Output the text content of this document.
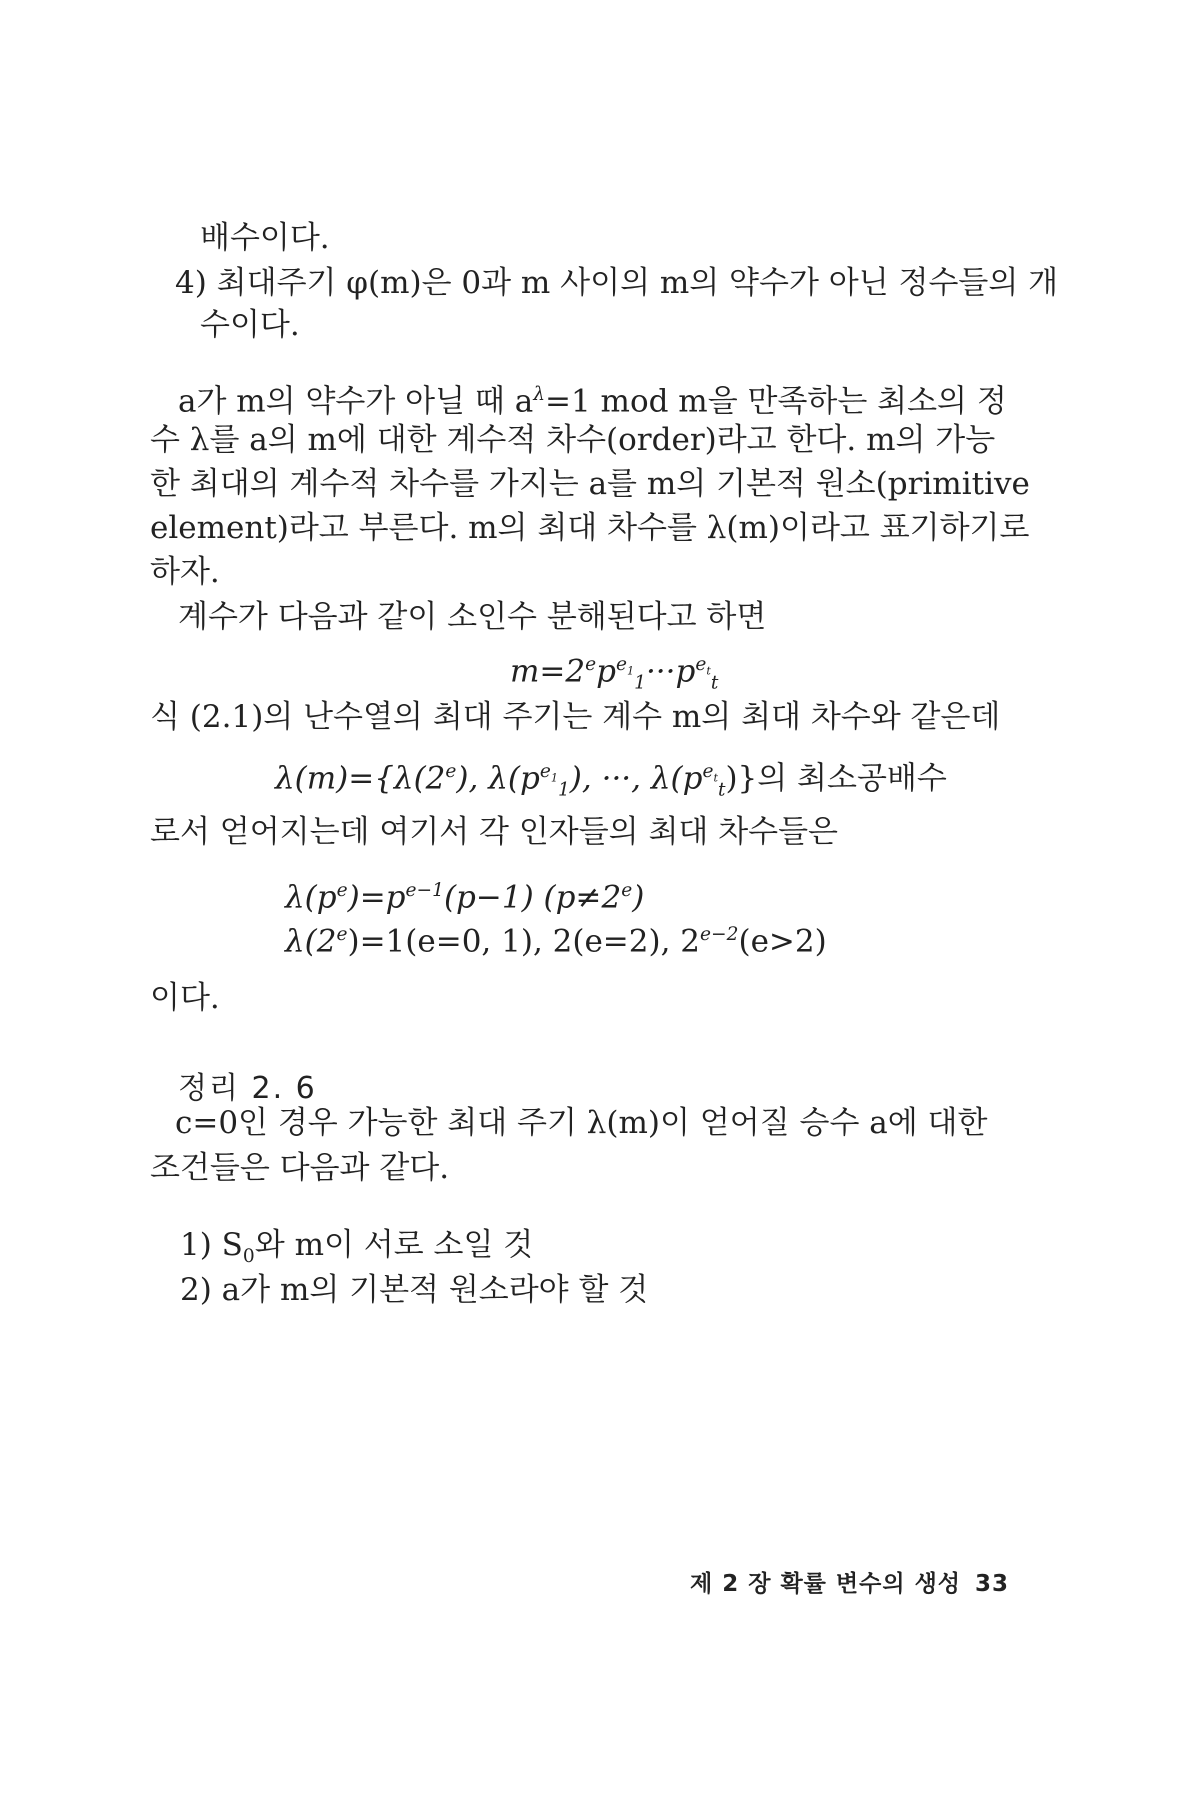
배수이다.
4) 최대주기 φ(m)은 0과 m 사이의 m의 약수가 아닌 정수들의 개
수이다.
a가 m의 약수가 아닐 때 $a^\lambda=1$ mod m을 만족하는 최소의 정
수 λ를 a의 m에 대한 계수적 차수(order)라고 한다. m의 가능
한 최대의 계수적 차수를 가지는 a를 m의 기본적 원소(primitive
element)라고 부른다. m의 최대 차수를 λ(m)이라고 표기하기로
하자.
계수가 다음과 같이 소인수 분해된다고 하면
$m=2^ep^{e_1}_1\cdot\cdot\cdot p^{e_t}_t$
식 (2.1)의 난수열의 최대 주기는 계수 m의 최대 차수와 같은데
$\lambda(m)=\{\lambda(2^e)$, $\lambda(p^{e_1}_1)$, ···, $\lambda(p^{e_t}_t)$}의 최소공배수
로서 얻어지는데 여기서 각 인자들의 최대 차수들은
$\lambda(p^e)=p^{e-1}(p-1)$ $(p\ne 2^e)$
$\lambda(2^e)=1(e=0$, 1), 2(e=2), $2^{e-2}(e>2)$
이다.
정리 2. 6
c=0인 경우 가능한 최대 주기 λ(m)이 얻어질 승수 a에 대한
조건들은 다음과 같다.
1) $S_0$와 m이 서로 소일 것
2) a가 m의 기본적 원소라야 할 것
제 2 장 확률 변수의 생성 33
